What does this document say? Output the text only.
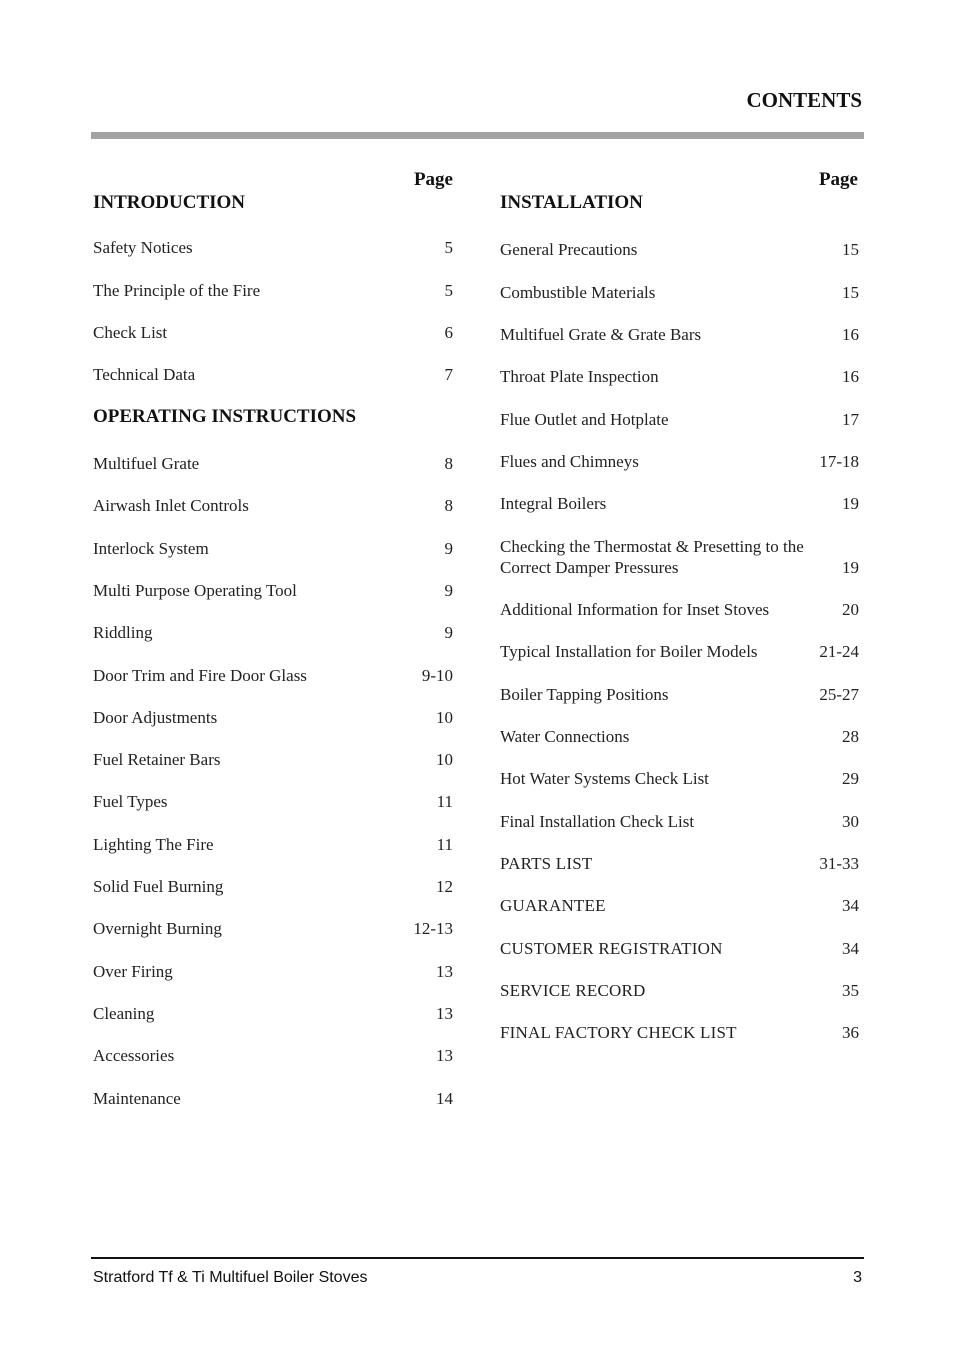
CONTENTS
Page
INTRODUCTION
Safety Notices	5
The Principle of the Fire	5
Check List	6
Technical Data	7
OPERATING INSTRUCTIONS
Multifuel Grate	8
Airwash Inlet Controls	8
Interlock System	9
Multi Purpose Operating Tool	9
Riddling	9
Door Trim and Fire Door Glass	9-10
Door Adjustments	10
Fuel Retainer Bars	10
Fuel Types	11
Lighting The Fire	11
Solid Fuel Burning	12
Overnight Burning	12-13
Over Firing	13
Cleaning	13
Accessories	13
Maintenance	14
Page
INSTALLATION
General Precautions	15
Combustible Materials	15
Multifuel Grate & Grate Bars	16
Throat Plate Inspection	16
Flue Outlet and Hotplate	17
Flues and Chimneys	17-18
Integral Boilers	19
Checking the Thermostat & Presetting to the Correct Damper Pressures	19
Additional Information for Inset Stoves	20
Typical Installation for Boiler Models	21-24
Boiler Tapping Positions	25-27
Water Connections	28
Hot Water Systems Check List	29
Final Installation Check List	30
PARTS LIST	31-33
GUARANTEE	34
CUSTOMER REGISTRATION	34
SERVICE RECORD	35
FINAL FACTORY CHECK LIST	36
Stratford Tf & Ti Multifuel Boiler Stoves	3
